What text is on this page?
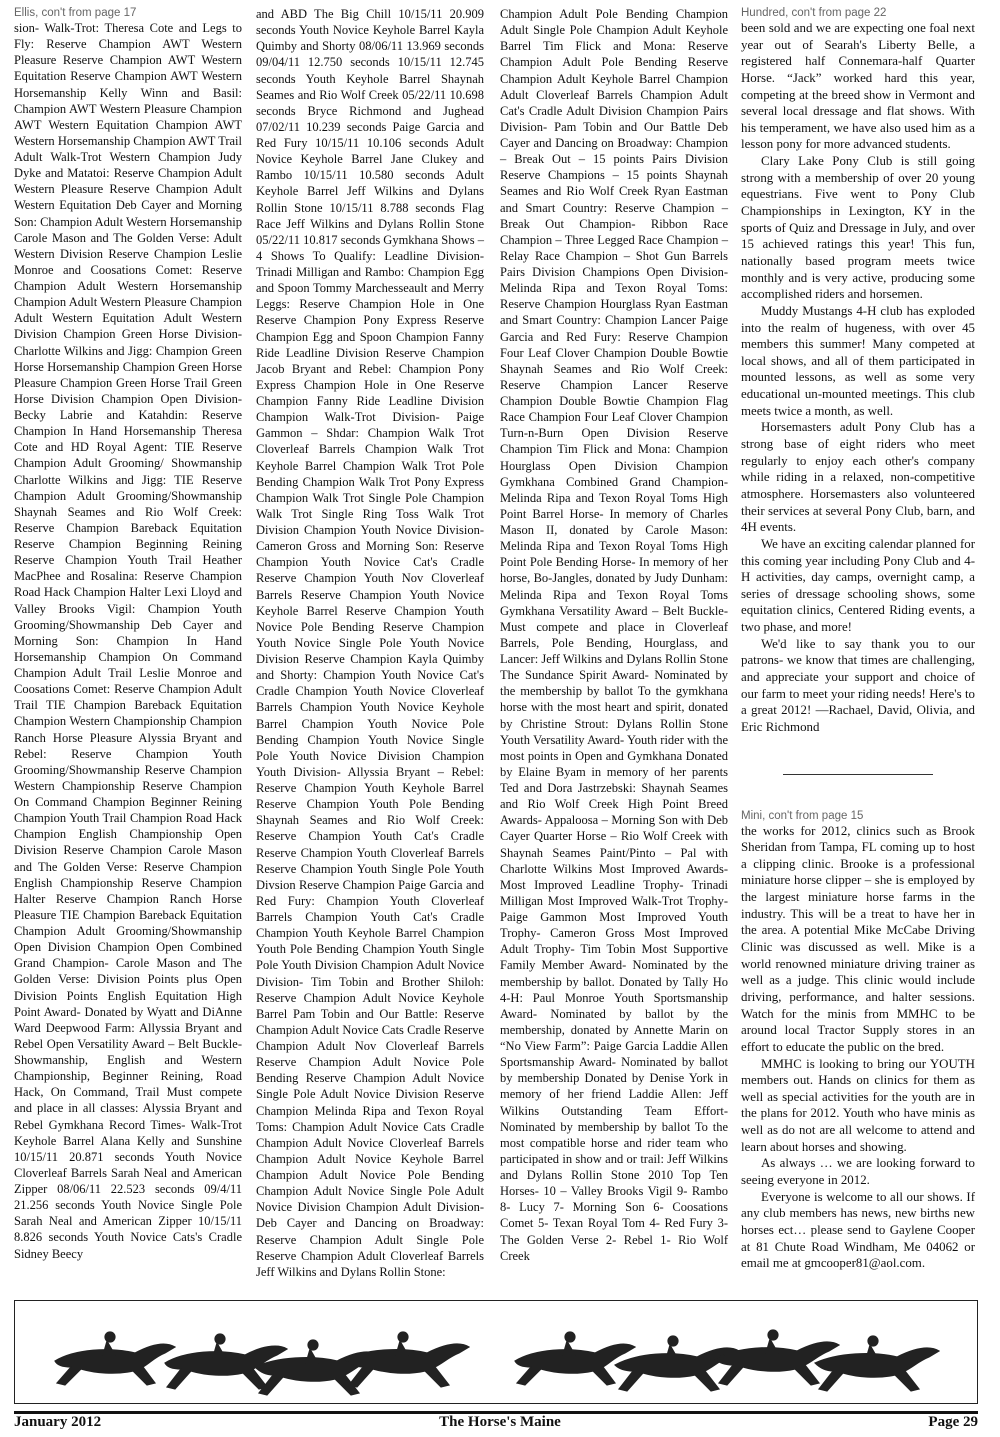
Ellis, con't from page 17

sion- Walk-Trot: Theresa Cote and Legs to Fly: Reserve Champion AWT Western Pleasure Reserve Champion AWT Western Equitation Reserve Champion AWT Western Horsemanship Kelly Winn and Basil: Champion AWT Western Pleasure Champion AWT Western Equitation Champion AWT Western Horsemanship Champion AWT Trail Adult Walk-Trot Western Champion Judy Dyke and Matatoi: Reserve Champion Adult Western Pleasure Reserve Champion Adult Western Equitation Deb Cayer and Morning Son: Champion Adult Western Horsemanship Carole Mason and The Golden Verse: Adult Western Division Reserve Champion Leslie Monroe and Coosations Comet: Reserve Champion Adult Western Horsemanship Champion Adult Western Pleasure Champion Adult Western Equitation Adult Western Division Champion Green Horse Division- Charlotte Wilkins and Jigg: Champion Green Horse Horsemanship Champion Green Horse Pleasure Champion Green Horse Trail Green Horse Division Champion Open Division- Becky Labrie and Katahdin: Reserve Champion In Hand Horsemanship Theresa Cote and HD Royal Agent: TIE Reserve Champion Adult Grooming/ Showmanship Charlotte Wilkins and Jigg: TIE Reserve Champion Adult Grooming/Showmanship Shaynah Seames and Rio Wolf Creek: Reserve Champion Bareback Equitation Reserve Champion Beginning Reining Reserve Champion Youth Trail Heather MacPhee and Rosalina: Reserve Champion Road Hack Champion Halter Lexi Lloyd and Valley Brooks Vigil: Champion Youth Grooming/Showmanship Deb Cayer and Morning Son: Champion In Hand Horsemanship Champion On Command Champion Adult Trail Leslie Monroe and Coosations Comet: Reserve Champion Adult Trail TIE Champion Bareback Equitation Champion Western Championship Champion Ranch Horse Pleasure Alyssia Bryant and Rebel: Reserve Champion Youth Grooming/Showmanship Reserve Champion Western Championship Reserve Champion On Command Champion Beginner Reining Champion Youth Trail Champion Road Hack Champion English Championship Open Division Reserve Champion Carole Mason and The Golden Verse: Reserve Champion English Championship Reserve Champion Halter Reserve Champion Ranch Horse Pleasure TIE Champion Bareback Equitation Champion Adult Grooming/Showmanship Open Division Champion Open Combined Grand Champion- Carole Mason and The Golden Verse: Division Points plus Open Division Points English Equitation High Point Award- Donated by Wyatt and DiAnne Ward Deepwood Farm: Allyssia Bryant and Rebel Open Versatility Award – Belt Buckle- Showmanship, English and Western Championship, Beginner Reining, Road Hack, On Command, Trail Must compete and place in all classes: Alyssia Bryant and Rebel Gymkhana Record Times- Walk-Trot Keyhole Barrel Alana Kelly and Sunshine 10/15/11 20.871 seconds Youth Novice Cloverleaf Barrels Sarah Neal and American Zipper 08/06/11 22.523 seconds 09/4/11 21.256 seconds Youth Novice Single Pole Sarah Neal and American Zipper 10/15/11 8.826 seconds Youth Novice Cats's Cradle Sidney Beecy

and ABD The Big Chill 10/15/11 20.909 seconds Youth Novice Keyhole Barrel Kayla Quimby and Shorty 08/06/11 13.969 seconds 09/04/11 12.750 seconds 10/15/11 12.745 seconds Youth Keyhole Barrel Shaynah Seames and Rio Wolf Creek 05/22/11 10.698 seconds Bryce Richmond and Jughead 07/02/11 10.239 seconds Paige Garcia and Red Fury 10/15/11 10.106 seconds Adult Novice Keyhole Barrel Jane Clukey and Rambo 10/15/11 10.580 seconds Adult Keyhole Barrel Jeff Wilkins and Dylans Rollin Stone 10/15/11 8.788 seconds Flag Race Jeff Wilkins and Dylans Rollin Stone 05/22/11 10.817 seconds Gymkhana Shows – 4 Shows To Qualify: Leadline Division- Trinadi Milligan and Rambo: Champion Egg and Spoon Tommy Marchesseault and Merry Leggs: Reserve Champion Hole in One Reserve Champion Pony Express Reserve Champion Egg and Spoon Champion Fanny Ride Leadline Division Reserve Champion Jacob Bryant and Rebel: Champion Pony Express Champion Hole in One Reserve Champion Fanny Ride Leadline Division Champion Walk-Trot Division- Paige Gammon – Shdar: Champion Walk Trot Cloverleaf Barrels Champion Walk Trot Keyhole Barrel Champion Walk Trot Pole Bending Champion Walk Trot Pony Express Champion Walk Trot Single Pole Champion Walk Trot Single Ring Toss Walk Trot Division Champion Youth Novice Division- Cameron Gross and Morning Son: Reserve Champion Youth Novice Cat's Cradle Reserve Champion Youth Nov Cloverleaf Barrels Reserve Champion Youth Novice Keyhole Barrel Reserve Champion Youth Novice Pole Bending Reserve Champion Youth Novice Single Pole Youth Novice Division Reserve Champion Kayla Quimby and Shorty: Champion Youth Novice Cat's Cradle Champion Youth Novice Cloverleaf Barrels Champion Youth Novice Keyhole Barrel Champion Youth Novice Pole Bending Champion Youth Novice Single Pole Youth Novice Division Champion Youth Division- Allyssia Bryant – Rebel: Reserve Champion Youth Keyhole Barrel Reserve Champion Youth Pole Bending Shaynah Seames and Rio Wolf Creek: Reserve Champion Youth Cat's Cradle Reserve Champion Youth Cloverleaf Barrels Reserve Champion Youth Single Pole Youth Divsion Reserve Champion Paige Garcia and Red Fury: Champion Youth Cloverleaf Barrels Champion Youth Cat's Cradle Champion Youth Keyhole Barrel Champion Youth Pole Bending Champion Youth Single Pole Youth Division Champion Adult Novice Division- Tim Tobin and Brother Shiloh: Reserve Champion Adult Novice Keyhole Barrel Pam Tobin and Our Battle: Reserve Champion Adult Novice Cats Cradle Reserve Champion Adult Nov Cloverleaf Barrels Reserve Champion Adult Novice Pole Bending Reserve Champion Adult Novice Single Pole Adult Novice Division Reserve Champion Melinda Ripa and Texon Royal Toms: Champion Adult Novice Cats Cradle Champion Adult Novice Cloverleaf Barrels Champion Adult Novice Keyhole Barrel Champion Adult Novice Pole Bending Champion Adult Novice Single Pole Adult Novice Division Champion Adult Division- Deb Cayer and Dancing on Broadway: Reserve Champion Adult Single Pole Reserve Champion Adult Cloverleaf Barrels Jeff Wilkins and Dylans Rollin Stone:

Champion Adult Pole Bending Champion Adult Single Pole Champion Adult Keyhole Barrel Tim Flick and Mona: Reserve Champion Adult Pole Bending Reserve Champion Adult Keyhole Barrel Champion Adult Cloverleaf Barrels Champion Adult Cat's Cradle Adult Division Champion Pairs Division- Pam Tobin and Our Battle Deb Cayer and Dancing on Broadway: Champion – Break Out – 15 points Pairs Division Reserve Champions – 15 points Shaynah Seames and Rio Wolf Creek Ryan Eastman and Smart Country: Reserve Champion – Break Out Champion- Ribbon Race Champion – Three Legged Race Champion – Relay Race Champion – Shot Gun Barrels Pairs Division Champions Open Division- Melinda Ripa and Texon Royal Toms: Reserve Champion Hourglass Ryan Eastman and Smart Country: Champion Lancer Paige Garcia and Red Fury: Reserve Champion Four Leaf Clover Champion Double Bowtie Shaynah Seames and Rio Wolf Creek: Reserve Champion Lancer Reserve Champion Double Bowtie Champion Flag Race Champion Four Leaf Clover Champion Turn-n-Burn Open Division Reserve Champion Tim Flick and Mona: Champion Hourglass Open Division Champion Gymkhana Combined Grand Champion- Melinda Ripa and Texon Royal Toms High Point Barrel Horse- In memory of Charles Mason II, donated by Carole Mason: Melinda Ripa and Texon Royal Toms High Point Pole Bending Horse- In memory of her horse, Bo-Jangles, donated by Judy Dunham: Melinda Ripa and Texon Royal Toms Gymkhana Versatility Award – Belt Buckle- Must compete and place in Cloverleaf Barrels, Pole Bending, Hourglass, and Lancer: Jeff Wilkins and Dylans Rollin Stone The Sundance Spirit Award- Nominated by the membership by ballot To the gymkhana horse with the most heart and spirit, donated by Christine Strout: Dylans Rollin Stone Youth Versatility Award- Youth rider with the most points in Open and Gymkhana Donated by Elaine Byam in memory of her parents Ted and Dora Jastrzebski: Shaynah Seames and Rio Wolf Creek High Point Breed Awards- Appaloosa – Morning Son with Deb Cayer Quarter Horse – Rio Wolf Creek with Shaynah Seames Paint/Pinto – Pal with Charlotte Wilkins Most Improved Awards- Most Improved Leadline Trophy- Trinadi Milligan Most Improved Walk-Trot Trophy- Paige Gammon Most Improved Youth Trophy- Cameron Gross Most Improved Adult Trophy- Tim Tobin Most Supportive Family Member Award- Nominated by the membership by ballot. Donated by Tally Ho 4-H: Paul Monroe Youth Sportsmanship Award- Nominated by ballot by the membership, donated by Annette Marin on “No View Farm”: Paige Garcia Laddie Allen Sportsmanship Award- Nominated by ballot by membership Donated by Denise York in memory of her friend Laddie Allen: Jeff Wilkins Outstanding Team Effort- Nominated by membership by ballot To the most compatible horse and rider team who participated in show and or trail: Jeff Wilkins and Dylans Rollin Stone 2010 Top Ten Horses- 10 – Valley Brooks Vigil 9- Rambo 8- Lucy 7- Morning Son 6- Coosations Comet 5- Texan Royal Tom 4- Red Fury 3- The Golden Verse 2- Rebel 1- Rio Wolf Creek

Hundred, con't from page 22

been sold and we are expecting one foal next year out of Searah's Liberty Belle, a registered half Connemara-half Quarter Horse. “Jack” worked hard this year, competing at the breed show in Vermont and several local dressage and flat shows. With his temperament, we have also used him as a lesson pony for more advanced students.

Clary Lake Pony Club is still going strong with a membership of over 20 young equestrians. Five went to Pony Club Championships in Lexington, KY in the sports of Quiz and Dressage in July, and over 15 achieved ratings this year! This fun, nationally based program meets twice monthly and is very active, producing some accomplished riders and horsemen.

Muddy Mustangs 4-H club has exploded into the realm of hugeness, with over 45 members this summer! Many competed at local shows, and all of them participated in mounted lessons, as well as some very educational un-mounted meetings. This club meets twice a month, as well.

Horsemasters adult Pony Club has a strong base of eight riders who meet regularly to enjoy each other's company while riding in a relaxed, non-competitive atmosphere. Horsemasters also volunteered their services at several Pony Club, barn, and 4H events.

We have an exciting calendar planned for this coming year including Pony Club and 4-H activities, day camps, overnight camp, a series of dressage schooling shows, some equitation clinics, Centered Riding events, a two phase, and more!

We'd like to say thank you to our patrons- we know that times are challenging, and appreciate your support and choice of our farm to meet your riding needs! Here's to a great 2012! —Rachael, David, Olivia, and Eric Richmond

Mini, con't from page 15

the works for 2012, clinics such as Brook Sheridan from Tampa, FL coming up to host a clipping clinic. Brooke is a professional miniature horse clipper – she is employed by the largest miniature horse farms in the industry. This will be a treat to have her in the area. A potential Mike McCabe Driving Clinic was discussed as well. Mike is a world renowned miniature driving trainer as well as a judge. This clinic would include driving, performance, and halter sessions. Watch for the minis from MMHC to be around local Tractor Supply stores in an effort to educate the public on the bred.

MMHC is looking to bring our YOUTH members out. Hands on clinics for them as well as special activities for the youth are in the plans for 2012. Youth who have minis as well as do not are all welcome to attend and learn about horses and showing.

As always … we are looking forward to seeing everyone in 2012.

Everyone is welcome to all our shows. If any club members has news, new births new horses ect… please send to Gaylene Cooper at 81 Chute Road Windham, Me 04062 or email me at gmcooper81@aol.com.

January 2012	The Horse's Maine	Page 29
